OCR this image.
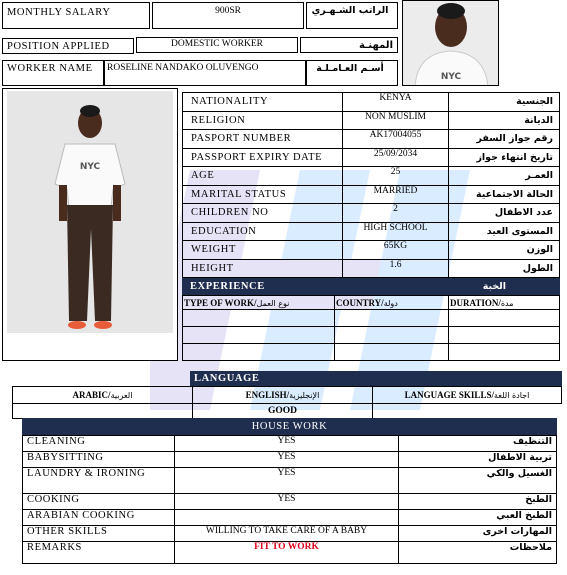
MONTHLY SALARY	900SR	الراتب الشـهـري
POSITION APPLIED	DOMESTIC WORKER	المهنـة
WORKER NAME	ROSELINE NANDAKO OLUVENGO	أسـم العـامـلـة
NYC
NYC
NATIONALITY	KENYA	الجنسية
RELIGION	NON MUSLIM	الديانة
PASPORT NUMBER	AK17004055	رقم جواز السفر
PASSPORT EXPIRY DATE	25/09/2034	تاريخ انتهاء جواز
AGE	25	العمـر
MARITAL STATUS	MARRIED	الحالة الاجتماعية
CHILDREN NO	2	عدد الاطفال
EDUCATION	HIGH SCHOOL	المستوى العيد
WEIGHT	65KG	الوزن
HEIGHT	1.6	الطول
EXPERIENCE	الخبة
TYPE OF WORK/نوع العمل	COUNTRY/دولة	DURATION/مدة

LANGUAGE
ARABIC/العربية	ENGLISH/الإنجليزية	LANGUAGE SKILLS/اجادة اللغة
	GOOD	
HOUSE WORK
CLEANING	YES	التنظيف
BABYSITTING	YES	تربية الاطفال
LAUNDRY & IRONING	YES	الغسيل والكي
COOKING	YES	الطبخ
ARABIAN COOKING		الطبخ العبي
OTHER SKILLS	WILLING TO TAKE CARE OF A BABY	المهارات اخرى
REMARKS	FIT TO WORK	ملاحظات
